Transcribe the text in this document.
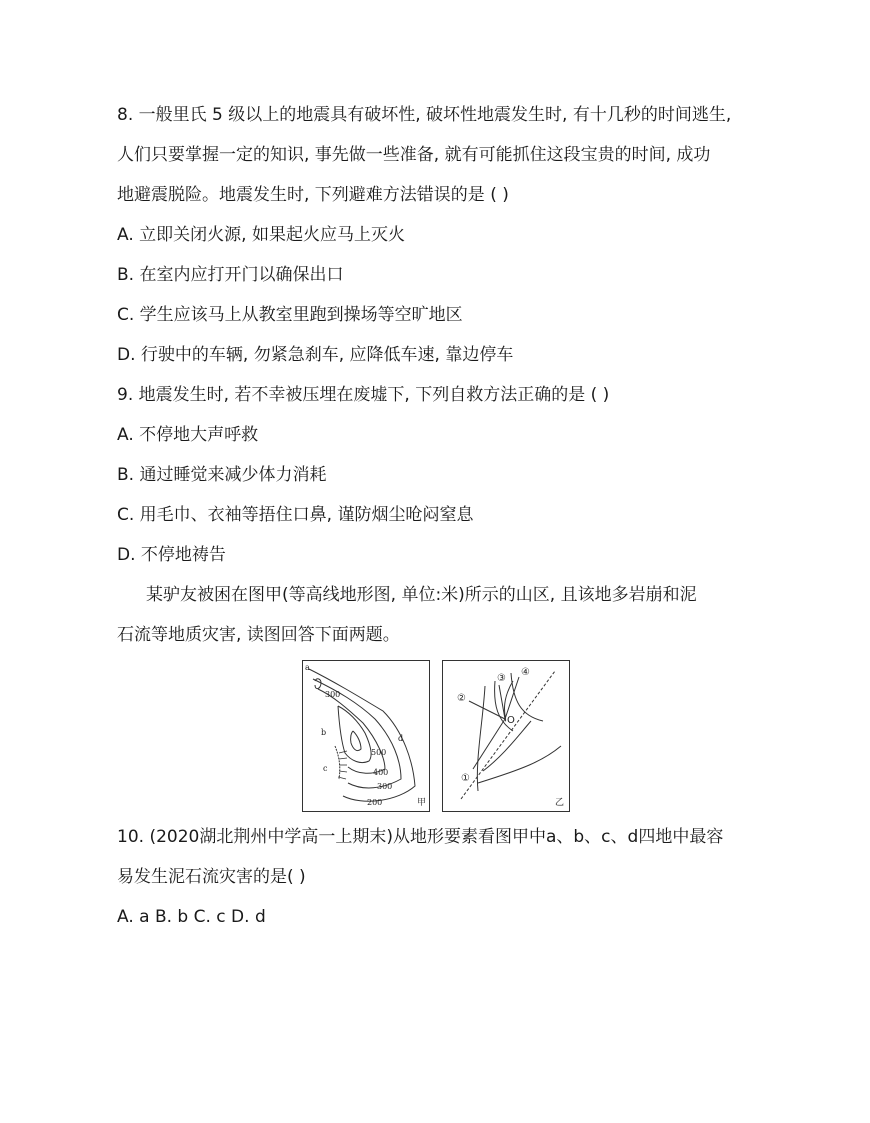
8. 一般里氏 5 级以上的地震具有破坏性, 破坏性地震发生时, 有十几秒的时间逃生,
人们只要掌握一定的知识, 事先做一些准备, 就有可能抓住这段宝贵的时间, 成功
地避震脱险。地震发生时, 下列避难方法错误的是 ( )
A. 立即关闭火源, 如果起火应马上灭火
B. 在室内应打开门以确保出口
C. 学生应该马上从教室里跑到操场等空旷地区
D. 行驶中的车辆, 勿紧急刹车, 应降低车速, 靠边停车
9. 地震发生时, 若不幸被压埋在废墟下, 下列自救方法正确的是 ( )
A. 不停地大声呼救
B. 通过睡觉来减少体力消耗
C. 用毛巾、衣袖等捂住口鼻, 谨防烟尘呛闷窒息
D. 不停地祷告
某驴友被困在图甲(等高线地形图, 单位:米)所示的山区, 且该地多岩崩和泥
石流等地质灾害, 读图回答下面两题。
a
b
c
d
300
500
400
300
200	甲
O
①
②
③
④
乙
10. (2020湖北荆州中学高一上期末)从地形要素看图甲中a、b、c、d四地中最容
易发生泥石流灾害的是( )
A. a B. b C. c D. d
